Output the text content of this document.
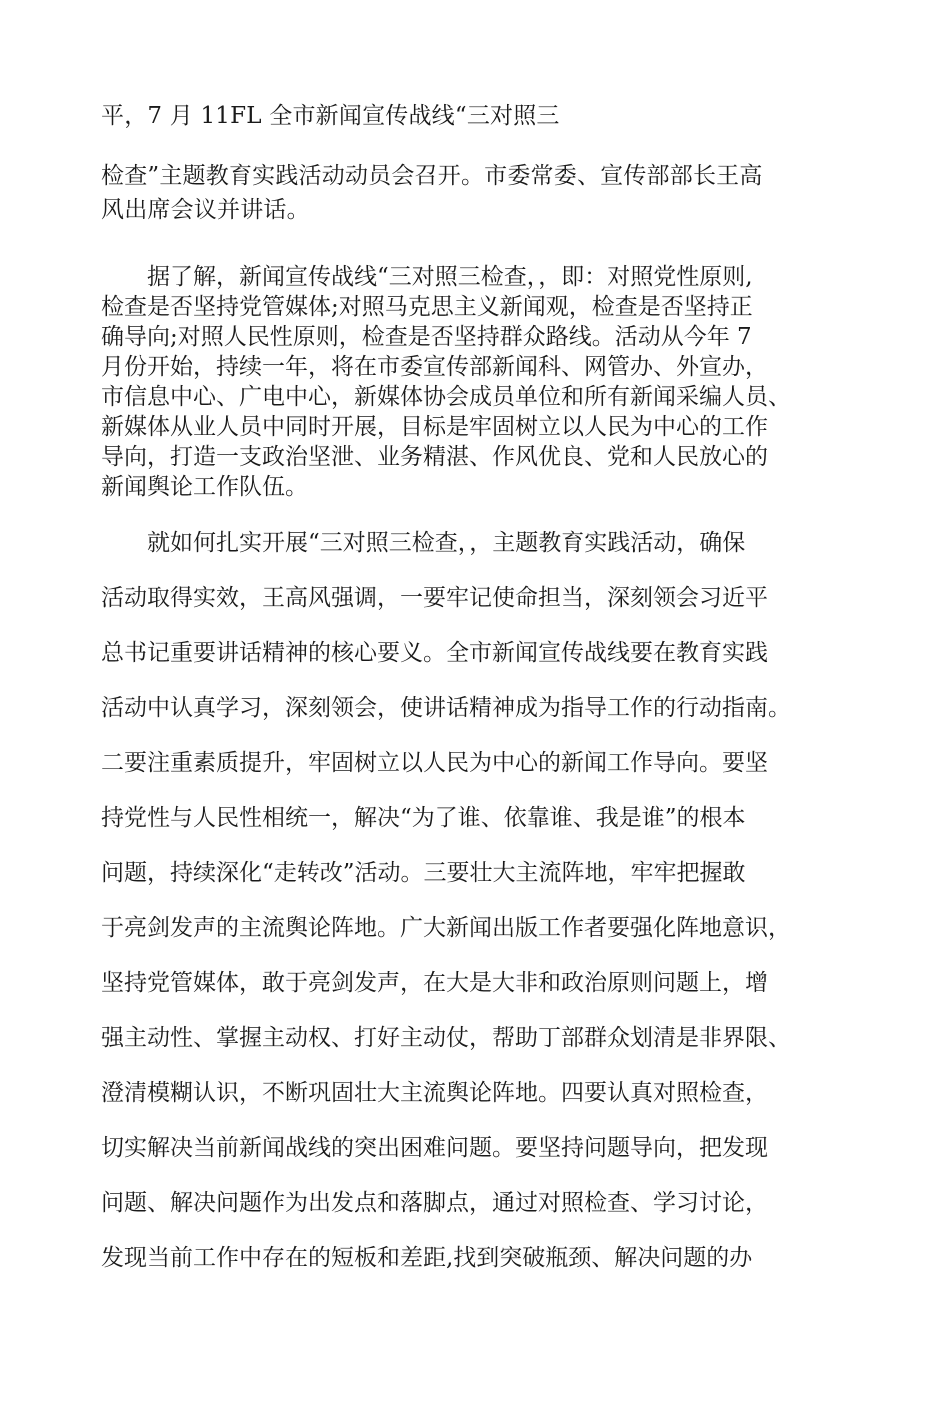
平，7 月 11FL 全市新闻宣传战线“三对照三
检查”主题教育实践活动动员会召开。市委常委、宣传部部长王高
风出席会议并讲话。
　　据了解，新闻宣传战线“三对照三检查，，即：对照党性原则,
检查是否坚持党管媒体;对照马克思主义新闻观，检查是否坚持正
确导向;对照人民性原则，检查是否坚持群众路线。活动从今年 7
月份开始，持续一年，将在市委宣传部新闻科、网管办、外宣办，
市信息中心、广电中心，新媒体协会成员单位和所有新闻采编人员、
新媒体从业人员中同时开展，目标是牢固树立以人民为中心的工作
导向，打造一支政治坚泄、业务精湛、作风优良、党和人民放心的
新闻舆论工作队伍。
　　就如何扎实开展“三对照三检查，，主题教育实践活动，确保
活动取得实效，王高风强调，一要牢记使命担当，深刻领会习近平
总书记重要讲话精神的核心要义。全市新闻宣传战线要在教育实践
活动中认真学习，深刻领会，使讲话精神成为指导工作的行动指南。
二要注重素质提升，牢固树立以人民为中心的新闻工作导向。要坚
持党性与人民性相统一，解决“为了谁、依靠谁、我是谁”的根本
问题，持续深化“走转改”活动。三要壮大主流阵地，牢牢把握敢
于亮剑发声的主流舆论阵地。广大新闻出版工作者要强化阵地意识，
坚持党管媒体，敢于亮剑发声，在大是大非和政治原则问题上，增
强主动性、掌握主动权、打好主动仗，帮助丁部群众划清是非界限、
澄清模糊认识，不断巩固壮大主流舆论阵地。四要认真对照检查，
切实解决当前新闻战线的突出困难问题。要坚持问题导向，把发现
问题、解决问题作为出发点和落脚点，通过对照检查、学习讨论，
发现当前工作中存在的短板和差距,找到突破瓶颈、解决问题的办
